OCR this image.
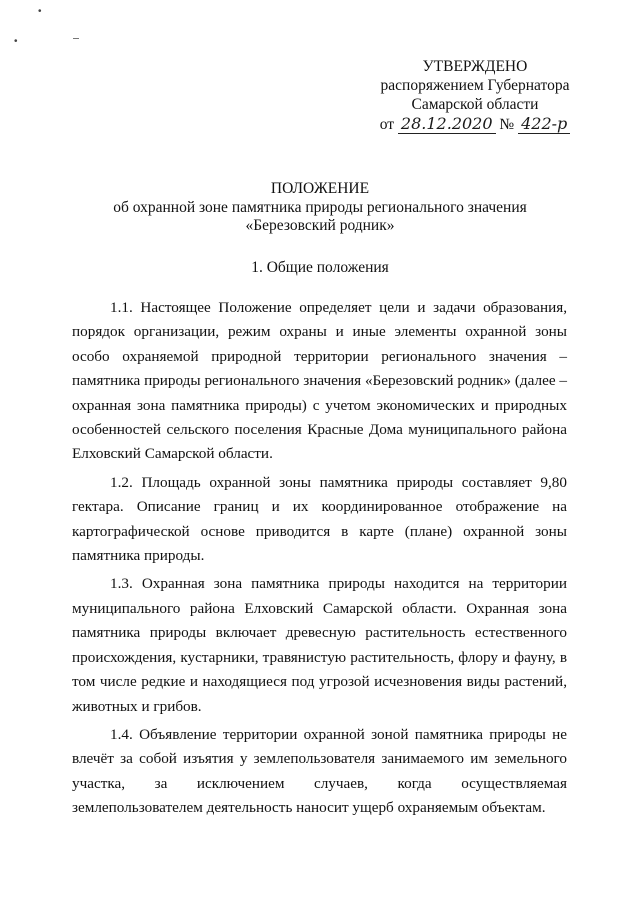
•
•
УТВЕРЖДЕНО
распоряжением Губернатора
Самарской области
от 28.12.2020 № 422-р
ПОЛОЖЕНИЕ
об охранной зоне памятника природы регионального значения
«Березовский родник»
1. Общие положения

1.1. Настоящее Положение определяет цели и задачи образования, порядок организации, режим охраны и иные элементы охранной зоны особо охраняемой природной территории регионального значения – памятника природы регионального значения «Березовский родник» (далее – охранная зона памятника природы) с учетом экономических и природных особенностей сельского поселения Красные Дома муниципального района Елховский Самарской области.

1.2. Площадь охранной зоны памятника природы составляет 9,80 гектара. Описание границ и их координированное отображение на картографической основе приводится в карте (плане) охранной зоны памятника природы.

1.3. Охранная зона памятника природы находится на территории муниципального района Елховский Самарской области. Охранная зона памятника природы включает древесную растительность естественного происхождения, кустарники, травянистую растительность, флору и фауну, в том числе редкие и находящиеся под угрозой исчезновения виды растений, животных и грибов.

1.4. Объявление территории охранной зоной памятника природы не влечёт за собой изъятия у землепользователя занимаемого им земельного участка, за исключением случаев, когда осуществляемая землепользователем деятельность наносит ущерб охраняемым объектам.
